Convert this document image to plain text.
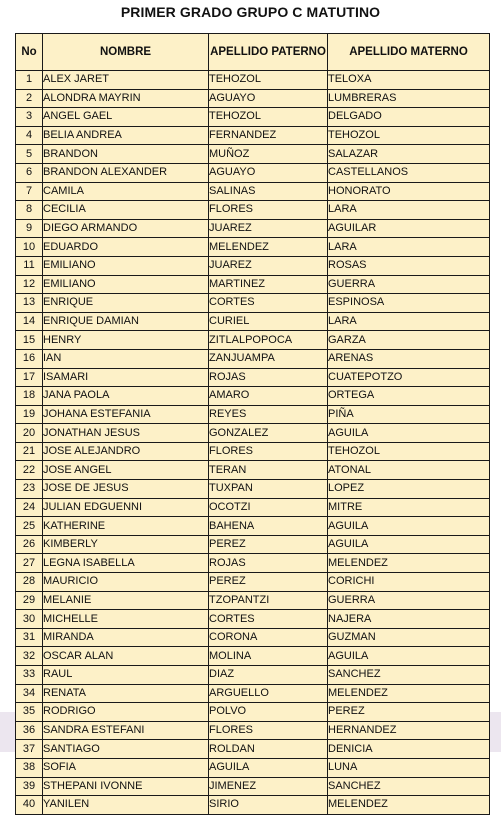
PRIMER GRADO GRUPO C MATUTINO
No	NOMBRE	APELLIDO PATERNO	APELLIDO MATERNO
1	ALEX JARET	TEHOZOL	TELOXA
2	ALONDRA MAYRIN	AGUAYO	LUMBRERAS
3	ANGEL GAEL	TEHOZOL	DELGADO
4	BELIA ANDREA	FERNANDEZ	TEHOZOL
5	BRANDON	MUÑOZ	SALAZAR
6	BRANDON ALEXANDER	AGUAYO	CASTELLANOS
7	CAMILA	SALINAS	HONORATO
8	CECILIA	FLORES	LARA
9	DIEGO ARMANDO	JUAREZ	AGUILAR
10	EDUARDO	MELENDEZ	LARA
11	EMILIANO	JUAREZ	ROSAS
12	EMILIANO	MARTINEZ	GUERRA
13	ENRIQUE	CORTES	ESPINOSA
14	ENRIQUE DAMIAN	CURIEL	LARA
15	HENRY	ZITLALPOPOCA	GARZA
16	IAN	ZANJUAMPA	ARENAS
17	ISAMARI	ROJAS	CUATEPOTZO
18	JANA PAOLA	AMARO	ORTEGA
19	JOHANA ESTEFANIA	REYES	PIÑA
20	JONATHAN JESUS	GONZALEZ	AGUILA
21	JOSE ALEJANDRO	FLORES	TEHOZOL
22	JOSE ANGEL	TERAN	ATONAL
23	JOSE DE JESUS	TUXPAN	LOPEZ
24	JULIAN EDGUENNI	OCOTZI	MITRE
25	KATHERINE	BAHENA	AGUILA
26	KIMBERLY	PEREZ	AGUILA
27	LEGNA ISABELLA	ROJAS	MELENDEZ
28	MAURICIO	PEREZ	CORICHI
29	MELANIE	TZOPANTZI	GUERRA
30	MICHELLE	CORTES	NAJERA
31	MIRANDA	CORONA	GUZMAN
32	OSCAR ALAN	MOLINA	AGUILA
33	RAUL	DIAZ	SANCHEZ
34	RENATA	ARGUELLO	MELENDEZ
35	RODRIGO	POLVO	PEREZ
36	SANDRA ESTEFANI	FLORES	HERNANDEZ
37	SANTIAGO	ROLDAN	DENICIA
38	SOFIA	AGUILA	LUNA
39	STHEPANI IVONNE	JIMENEZ	SANCHEZ
40	YANILEN	SIRIO	MELENDEZ
